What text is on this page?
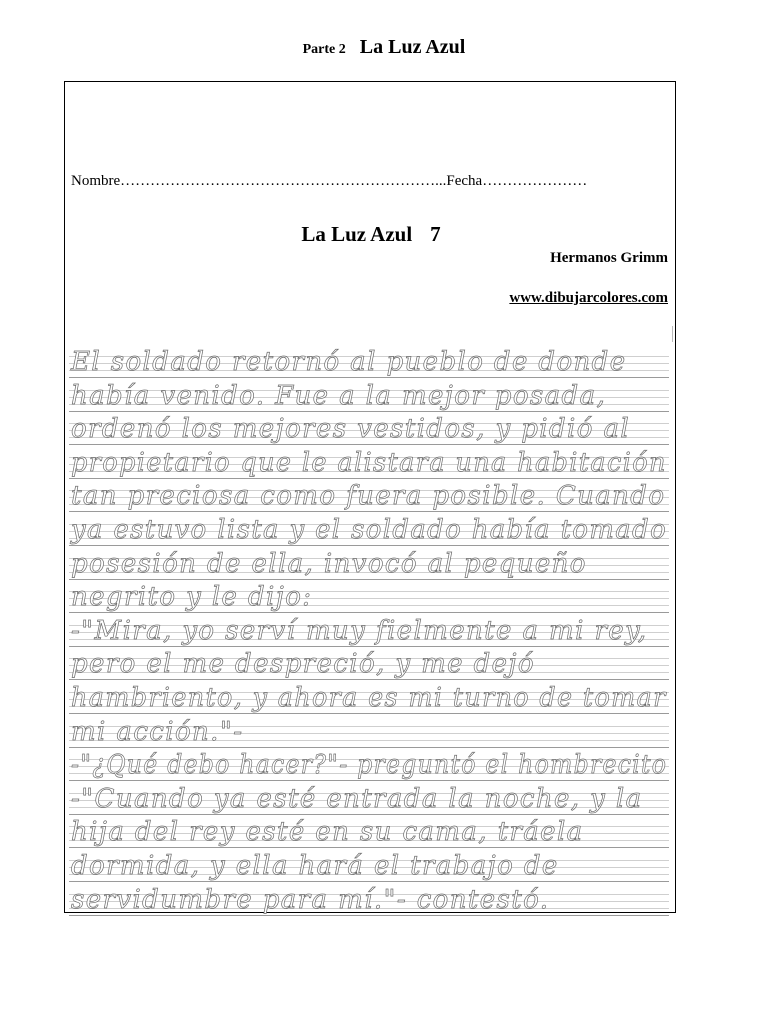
Parte 2 La Luz Azul
Nombre………………………………………………………...Fecha…………………
La Luz Azul 7
Hermanos Grimm
www.dibujarcolores.com
El soldado retornó al pueblo de donde
había venido. Fue a la mejor posada,
ordenó los mejores vestidos, y pidió al
propietario que le alistara una habitación
tan preciosa como fuera posible. Cuando
ya estuvo lista y el soldado había tomado
posesión de ella, invocó al pequeño
negrito y le dijo:
-"Mira, yo serví muy fielmente a mi rey,
pero el me despreció, y me dejó
hambriento, y ahora es mi turno de tomar
mi acción."-
-"¿Qué debo hacer?"- preguntó el hombrecito
-"Cuando ya esté entrada la noche, y la
hija del rey esté en su cama, tráela
dormida, y ella hará el trabajo de
servidumbre para mí."- contestó.
